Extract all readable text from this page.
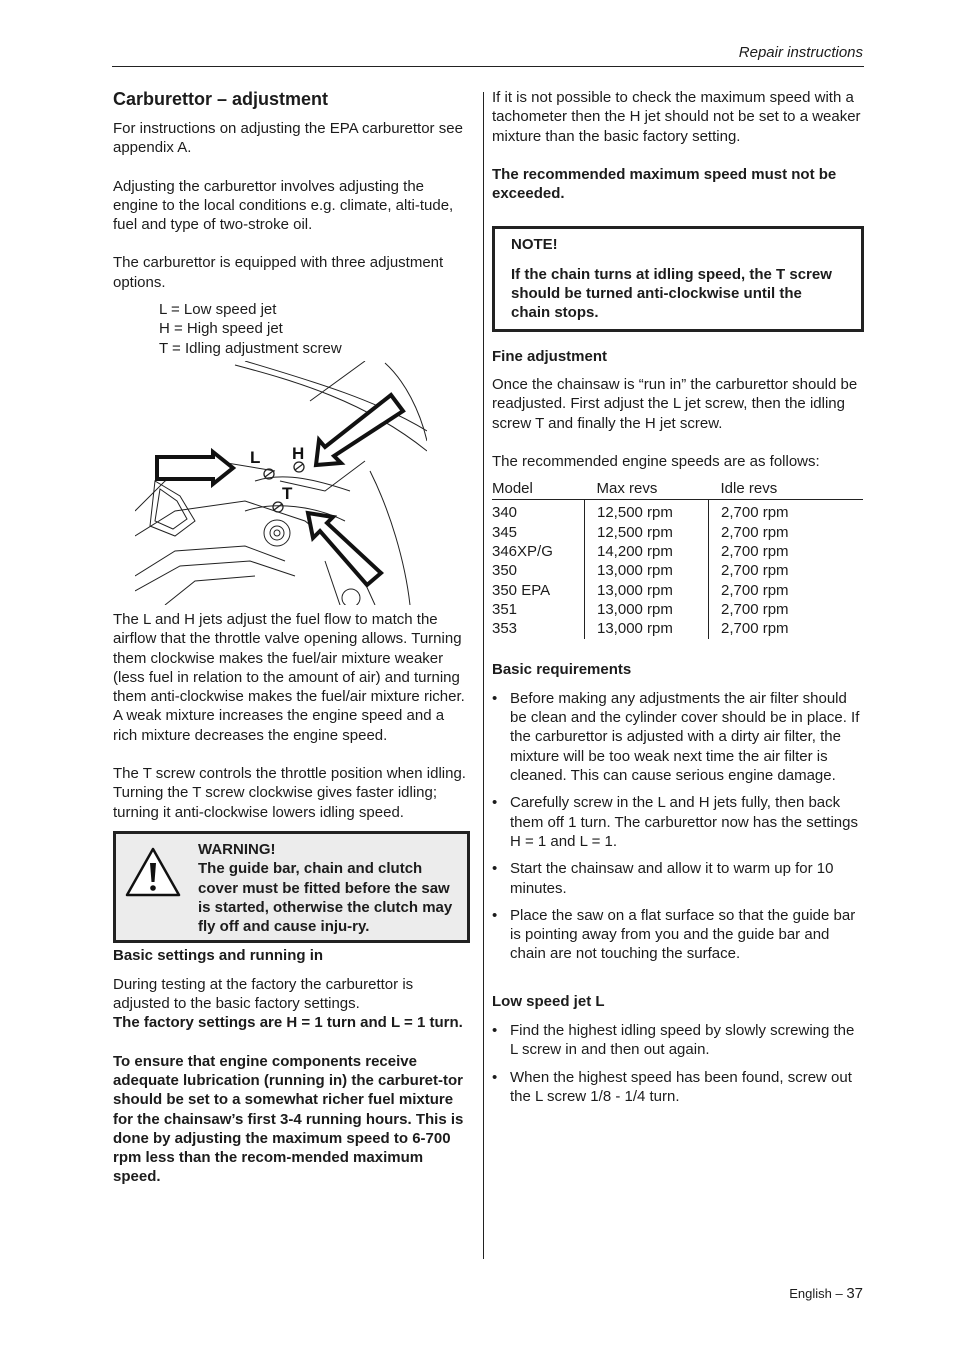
Repair instructions
Carburettor – adjustment

For instructions on adjusting the EPA carburettor see appendix A.

Adjusting the carburettor involves adjusting the engine to the local conditions e.g. climate, alti-tude, fuel and type of two-stroke oil.

The carburettor is equipped with three adjustment options.

L = Low speed jet
H = High speed jet
T = Idling adjustment screw
L H
T

The L and H jets adjust the fuel flow to match the airflow that the throttle valve opening allows. Turning them clockwise makes the fuel/air mixture weaker (less fuel in relation to the amount of air) and turning them anti-clockwise makes the fuel/air mixture richer. A weak mixture increases the engine speed and a rich mixture decreases the engine speed.

The T screw controls the throttle position when idling. Turning the T screw clockwise gives faster idling; turning it anti-clockwise lowers idling speed.

WARNING!
The guide bar, chain and clutch cover must be fitted before the saw is started, otherwise the clutch may fly off and cause inju-ry.
Basic settings and running in

During testing at the factory the carburettor is adjusted to the basic factory settings.

The factory settings are H = 1 turn and L = 1 turn.

To ensure that engine components receive adequate lubrication (running in) the carburet-tor should be set to a somewhat richer fuel mixture for the chainsaw’s first 3-4 running hours. This is done by adjusting the maximum speed to 6-700 rpm less than the recom-mended maximum speed.

If it is not possible to check the maximum speed with a tachometer then the H jet should not be set to a weaker mixture than the basic factory setting.

The recommended maximum speed must not be exceeded.

NOTE!

If the chain turns at idling speed, the T screw should be turned anti-clockwise until the chain stops.

Fine adjustment

Once the chainsaw is “run in” the carburettor should be readjusted. First adjust the L jet screw, then the idling screw T and finally the H jet screw.

The recommended engine speeds are as follows:

Model	Max revs	Idle revs
340	12,500 rpm	2,700 rpm
345	12,500 rpm	2,700 rpm
346XP/G	14,200 rpm	2,700 rpm
350	13,000 rpm	2,700 rpm
350 EPA	13,000 rpm	2,700 rpm
351	13,000 rpm	2,700 rpm
353	13,000 rpm	2,700 rpm
Basic requirements
• Before making any adjustments the air filter should be clean and the cylinder cover should be in place. If the carburettor is adjusted with a dirty air filter, the mixture will be too weak next time the air filter is cleaned. This can cause serious engine damage.
• Carefully screw in the L and H jets fully, then back them off 1 turn. The carburettor now has the settings H = 1 and L = 1.
• Start the chainsaw and allow it to warm up for 10 minutes.
• Place the saw on a flat surface so that the guide bar is pointing away from you and the guide bar and chain are not touching the surface.
Low speed jet L
• Find the highest idling speed by slowly screwing the L screw in and then out again.
• When the highest speed has been found, screw out the L screw 1/8 - 1/4 turn.
English – 37
